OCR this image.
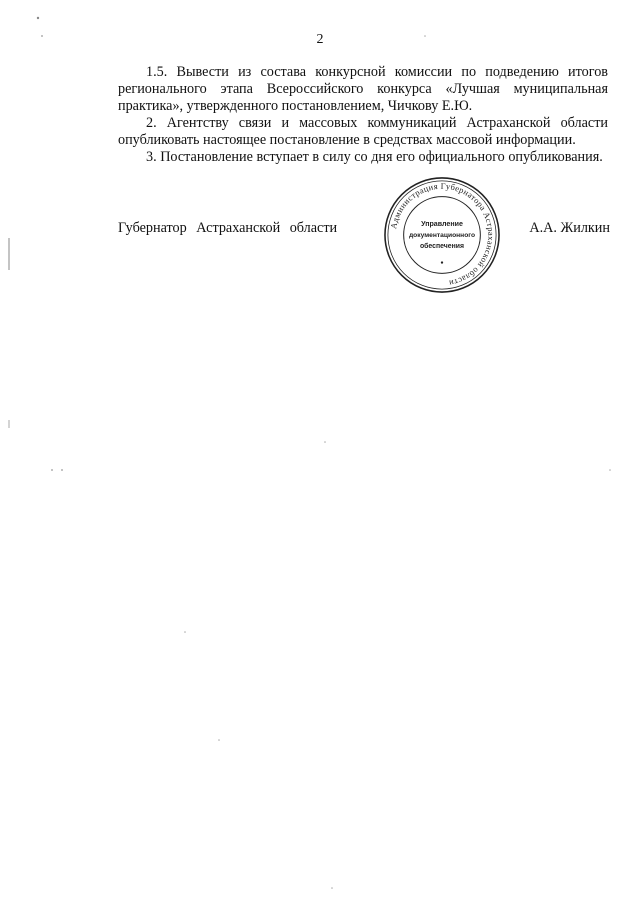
2

1.5. Вывести из состава конкурсной комиссии по подведению итогов регионального этапа Всероссийского конкурса «Лучшая муниципальная практика», утвержденного постановлением, Чичкову Е.Ю.

2. Агентству связи и массовых коммуникаций Астраханской области опубликовать настоящее постановление в средствах массовой информации.

3. Постановление вступает в силу со дня его официального опубликования.

Губернатор Астраханской области	А.А. Жилкин
Администрация Губернатора Астраханской области
Управление
документационного
обеспечения
